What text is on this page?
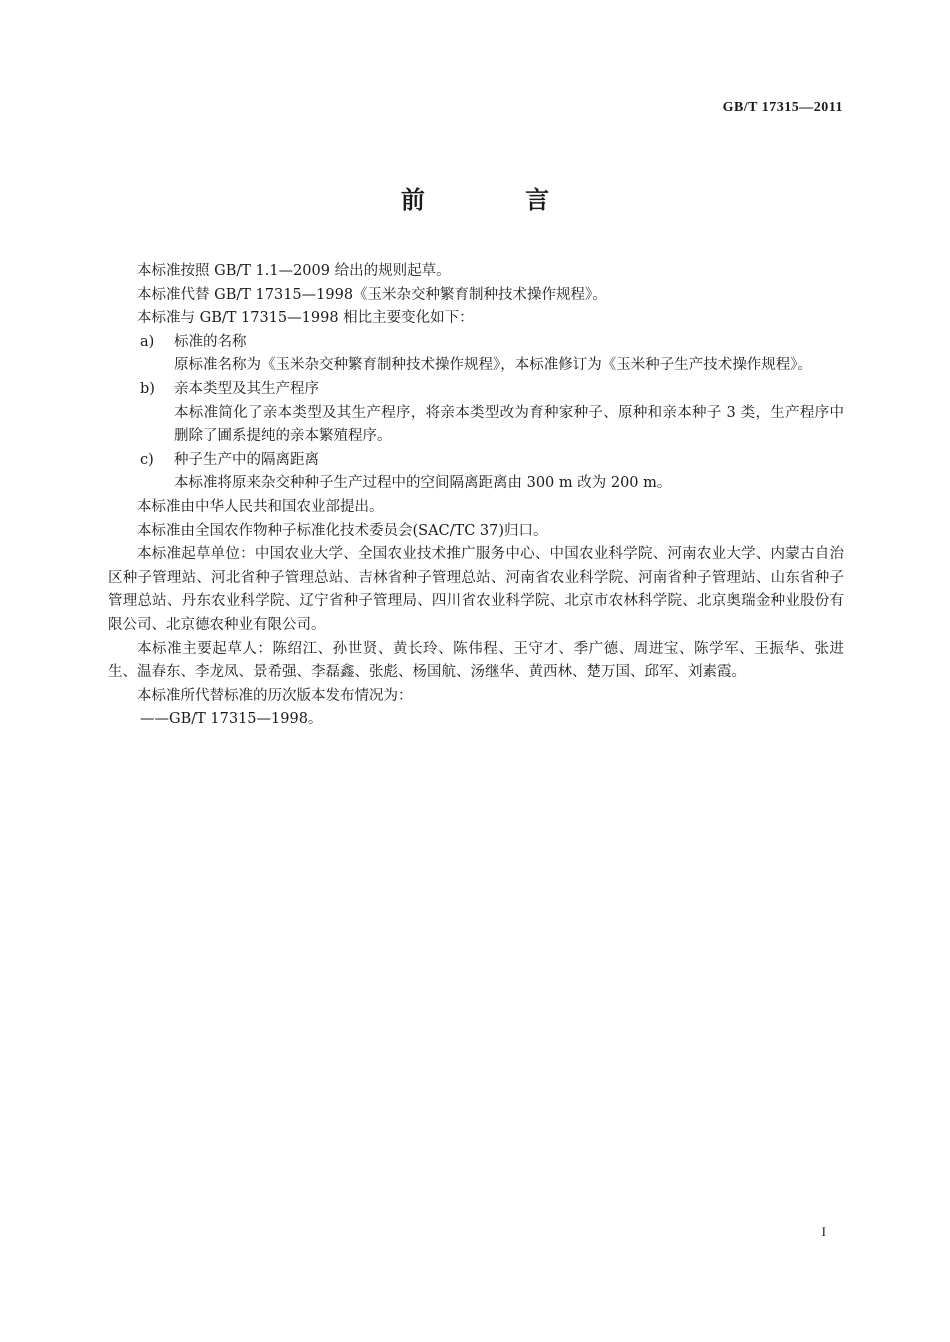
GB/T 17315—2011
前 言

本标准按照 GB/T 1.1—2009 给出的规则起草。

本标准代替 GB/T 17315—1998《玉米杂交种繁育制种技术操作规程》。

本标准与 GB/T 17315—1998 相比主要变化如下：

a)	标准的名称

原标准名称为《玉米杂交种繁育制种技术操作规程》，本标准修订为《玉米种子生产技术操作规程》。

b)	亲本类型及其生产程序

本标准简化了亲本类型及其生产程序，将亲本类型改为育种家种子、原种和亲本种子 3 类，生产程序中删除了圃系提纯的亲本繁殖程序。

c)	种子生产中的隔离距离

本标准将原来杂交种种子生产过程中的空间隔离距离由 300 m 改为 200 m。

本标准由中华人民共和国农业部提出。

本标准由全国农作物种子标准化技术委员会(SAC/TC 37)归口。

本标准起草单位：中国农业大学、全国农业技术推广服务中心、中国农业科学院、河南农业大学、内蒙古自治区种子管理站、河北省种子管理总站、吉林省种子管理总站、河南省农业科学院、河南省种子管理站、山东省种子管理总站、丹东农业科学院、辽宁省种子管理局、四川省农业科学院、北京市农林科学院、北京奥瑞金种业股份有限公司、北京德农种业有限公司。

本标准主要起草人：陈绍江、孙世贤、黄长玲、陈伟程、王守才、季广德、周进宝、陈学军、王振华、张进生、温春东、李龙凤、景希强、李磊鑫、张彪、杨国航、汤继华、黄西林、楚万国、邱军、刘素霞。

本标准所代替标准的历次版本发布情况为：

——GB/T 17315—1998。

I
